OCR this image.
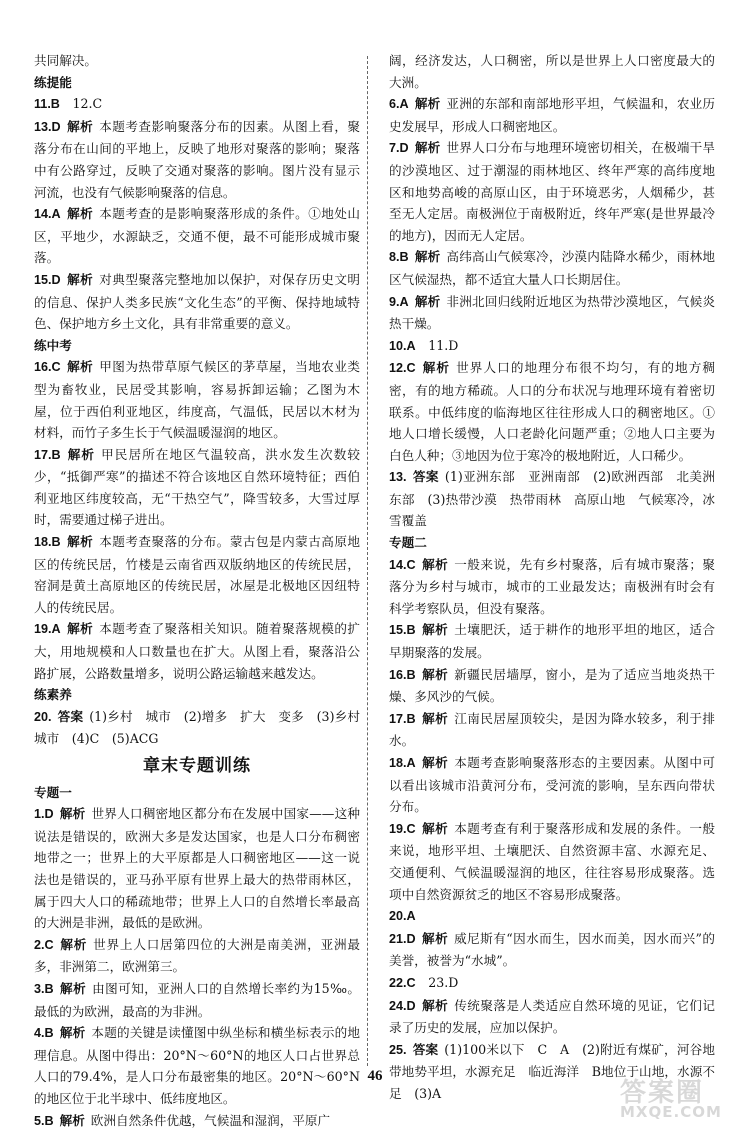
共同解决。
练提能
11.B  12.C
13.D 解析 本题考查影响聚落分布的因素。从图上看，聚落分布在山间的平地上，反映了地形对聚落的影响；聚落中有公路穿过，反映了交通对聚落的影响。图片没有显示河流，也没有气候影响聚落的信息。
14.A 解析 本题考查的是影响聚落形成的条件。①地处山区，平地少，水源缺乏，交通不便，最不可能形成城市聚落。
15.D 解析 对典型聚落完整地加以保护，对保存历史文明的信息、保护人类多民族“文化生态”的平衡、保持地域特色、保护地方乡土文化，具有非常重要的意义。
练中考
16.C 解析 甲图为热带草原气候区的茅草屋，当地农业类型为畜牧业，民居受其影响，容易拆卸运输；乙图为木屋，位于西伯利亚地区，纬度高，气温低，民居以木材为材料，而竹子多生长于气候温暖湿润的地区。
17.B 解析 甲民居所在地区气温较高，洪水发生次数较少，“抵御严寒”的描述不符合该地区自然环境特征；西伯利亚地区纬度较高，无“干热空气”，降雪较多，大雪过厚时，需要通过梯子进出。
18.B 解析 本题考查聚落的分布。蒙古包是内蒙古高原地区的传统民居，竹楼是云南省西双版纳地区的传统民居，窑洞是黄土高原地区的传统民居，冰屋是北极地区因纽特人的传统民居。
19.A 解析 本题考查了聚落相关知识。随着聚落规模的扩大，用地规模和人口数量也在扩大。从图上看，聚落沿公路扩展，公路数量增多，说明公路运输越来越发达。
练素养
20. 答案 (1)乡村　城市　(2)增多　扩大　变多　(3)乡村　城市　(4)C　(5)ACG
章末专题训练
专题一
1.D 解析 世界人口稠密地区都分布在发展中国家——这种说法是错误的，欧洲大多是发达国家，也是人口分布稠密地带之一；世界上的大平原都是人口稠密地区——这一说法也是错误的，亚马孙平原有世界上最大的热带雨林区，属于四大人口的稀疏地带；世界上人口的自然增长率最高的大洲是非洲，最低的是欧洲。
2.C 解析 世界上人口居第四位的大洲是南美洲，亚洲最多，非洲第二，欧洲第三。
3.B 解析 由图可知，亚洲人口的自然增长率约为15‰。最低的为欧洲，最高的为非洲。
4.B 解析 本题的关键是读懂图中纵坐标和横坐标表示的地理信息。从图中得出：20°N～60°N的地区人口占世界总人口的79.4%，是人口分布最密集的地区。20°N～60°N的地区位于北半球中、低纬度地区。
5.B 解析 欧洲自然条件优越，气候温和湿润，平原广
阔，经济发达，人口稠密，所以是世界上人口密度最大的大洲。
6.A 解析 亚洲的东部和南部地形平坦，气候温和，农业历史发展早，形成人口稠密地区。
7.D 解析 世界人口分布与地理环境密切相关，在极端干旱的沙漠地区、过于潮湿的雨林地区、终年严寒的高纬度地区和地势高峻的高原山区，由于环境恶劣，人烟稀少，甚至无人定居。南极洲位于南极附近，终年严寒(是世界最冷的地方)，因而无人定居。
8.B 解析 高纬高山气候寒冷，沙漠内陆降水稀少，雨林地区气候湿热，都不适宜大量人口长期居住。
9.A 解析 非洲北回归线附近地区为热带沙漠地区，气候炎热干燥。
10.A  11.D
12.C 解析 世界人口的地理分布很不均匀，有的地方稠密，有的地方稀疏。人口的分布状况与地理环境有着密切联系。中低纬度的临海地区往往形成人口的稠密地区。①地人口增长缓慢，人口老龄化问题严重；②地人口主要为白色人种；③地因为位于寒冷的极地附近，人口稀少。
13. 答案 (1)亚洲东部　亚洲南部　(2)欧洲西部　北美洲东部　(3)热带沙漠　热带雨林　高原山地　气候寒冷，冰雪覆盖
专题二
14.C 解析 一般来说，先有乡村聚落，后有城市聚落；聚落分为乡村与城市，城市的工业最发达；南极洲有时会有科学考察队员，但没有聚落。
15.B 解析 土壤肥沃，适于耕作的地形平坦的地区，适合早期聚落的发展。
16.B 解析 新疆民居墙厚，窗小，是为了适应当地炎热干燥、多风沙的气候。
17.B 解析 江南民居屋顶较尖，是因为降水较多，利于排水。
18.A 解析 本题考查影响聚落形态的主要因素。从图中可以看出该城市沿黄河分布，受河流的影响，呈东西向带状分布。
19.C 解析 本题考查有利于聚落形成和发展的条件。一般来说，地形平坦、土壤肥沃、自然资源丰富、水源充足、交通便利、气候温暖湿润的地区，往往容易形成聚落。选项中自然资源贫乏的地区不容易形成聚落。
20.A 
21.D 解析 威尼斯有“因水而生，因水而美，因水而兴”的美誉，被誉为“水城”。
22.C  23.D
24.D 解析 传统聚落是人类适应自然环境的见证，它们记录了历史的发展，应加以保护。
25. 答案 (1)100米以下　C　A　(2)附近有煤矿，河谷地带地势平坦，水源充足　临近海洋　B地位于山地，水源不足　(3)A
46
答案圈
MXQE.COM
